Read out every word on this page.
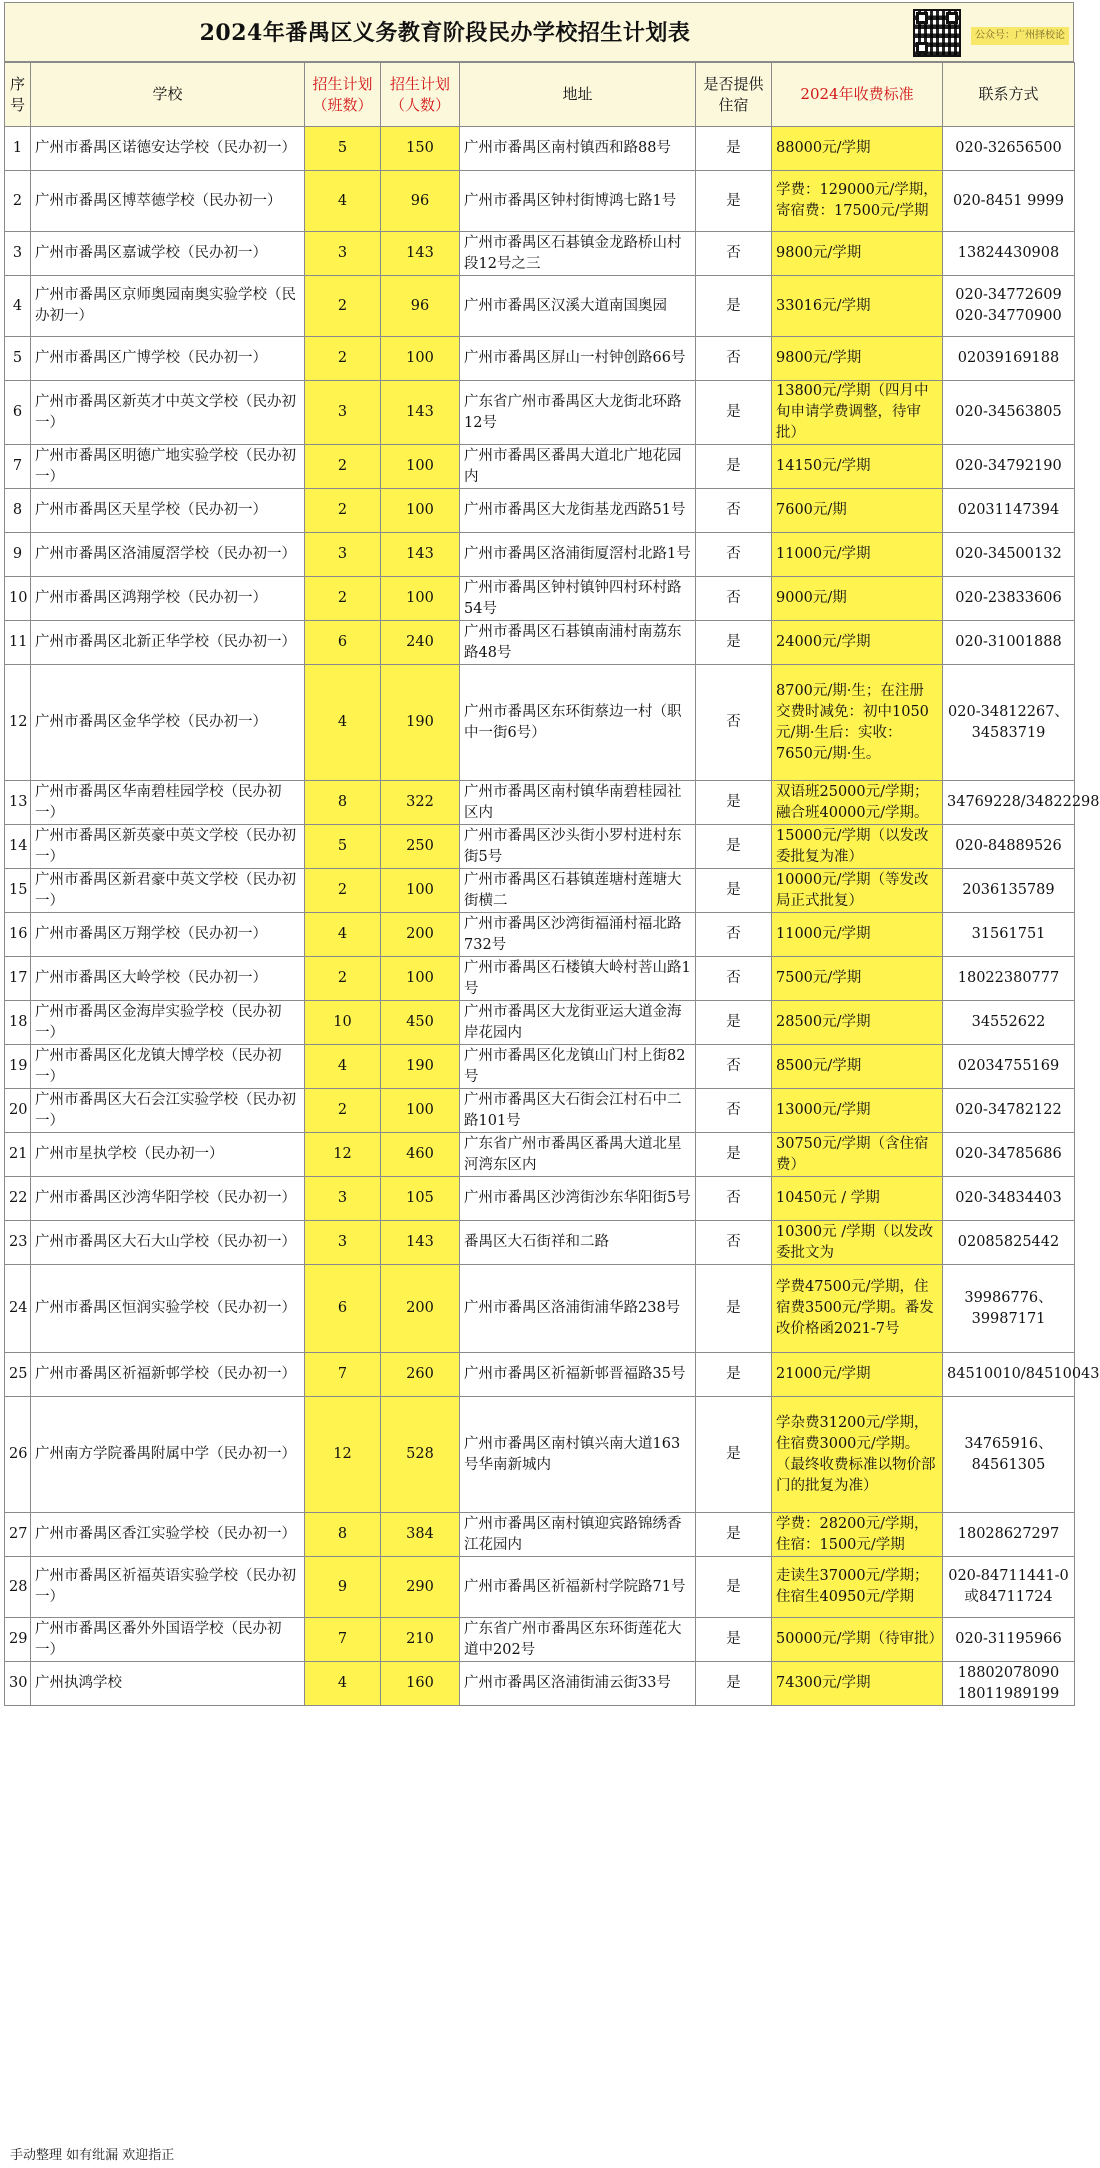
2024年番禺区义务教育阶段民办学校招生计划表	公众号：广州择校论
序号	学校	招生计划（班数）	招生计划（人数）	地址	是否提供住宿	2024年收费标准	联系方式
1	广州市番禺区诺德安达学校（民办初一）	5	150	广州市番禺区南村镇西和路88号	是	88000元/学期	020-32656500
2	广州市番禺区博萃德学校（民办初一）	4	96	广州市番禺区钟村街博鸿七路1号	是	学费：129000元/学期，寄宿费：17500元/学期	020-8451 9999
3	广州市番禺区嘉诚学校（民办初一）	3	143	广州市番禺区石碁镇金龙路桥山村段12号之三	否	9800元/学期	13824430908
4	广州市番禺区京师奥园南奥实验学校（民办初一）	2	96	广州市番禺区汉溪大道南国奥园	是	33016元/学期	020-34772609 020-34770900
5	广州市番禺区广博学校（民办初一）	2	100	广州市番禺区屏山一村钟创路66号	否	9800元/学期	02039169188
6	广州市番禺区新英才中英文学校（民办初一）	3	143	广东省广州市番禺区大龙街北环路12号	是	13800元/学期（四月中旬申请学费调整，待审批）	020-34563805
7	广州市番禺区明德广地实验学校（民办初一）	2	100	广州市番禺区番禺大道北广地花园内	是	14150元/学期	020-34792190
8	广州市番禺区天星学校（民办初一）	2	100	广州市番禺区大龙街基龙西路51号	否	7600元/期	02031147394
9	广州市番禺区洛浦厦滘学校（民办初一）	3	143	广州市番禺区洛浦街厦滘村北路1号	否	11000元/学期	020-34500132
10	广州市番禺区鸿翔学校（民办初一）	2	100	广州市番禺区钟村镇钟四村环村路54号	否	9000元/期	020-23833606
11	广州市番禺区北新正华学校（民办初一）	6	240	广州市番禺区石碁镇南浦村南荔东路48号	是	24000元/学期	020-31001888
12	广州市番禺区金华学校（民办初一）	4	190	广州市番禺区东环街蔡边一村（职中一街6号）	否	8700元/期·生；在注册交费时减免：初中1050元/期·生后：实收：7650元/期·生。	020-34812267、34583719
13	广州市番禺区华南碧桂园学校（民办初一）	8	322	广州市番禺区南村镇华南碧桂园社区内	是	双语班25000元/学期；融合班40000元/学期。	34769228/34822298
14	广州市番禺区新英豪中英文学校（民办初一）	5	250	广州市番禺区沙头街小罗村进村东街5号	是	15000元/学期（以发改委批复为准）	020-84889526
15	广州市番禺区新君豪中英文学校（民办初一）	2	100	广州市番禺区石碁镇莲塘村莲塘大街横二	是	10000元/学期（等发改局正式批复）	2036135789
16	广州市番禺区万翔学校（民办初一）	4	200	广州市番禺区沙湾街福涌村福北路732号	否	11000元/学期	31561751
17	广州市番禺区大岭学校（民办初一）	2	100	广州市番禺区石楼镇大岭村菩山路1号	否	7500元/学期	18022380777
18	广州市番禺区金海岸实验学校（民办初一）	10	450	广州市番禺区大龙街亚运大道金海岸花园内	是	28500元/学期	34552622
19	广州市番禺区化龙镇大博学校（民办初一）	4	190	广州市番禺区化龙镇山门村上街82号	否	8500元/学期	02034755169
20	广州市番禺区大石会江实验学校（民办初一）	2	100	广州市番禺区大石街会江村石中二路101号	否	13000元/学期	020-34782122
21	广州市星执学校（民办初一）	12	460	广东省广州市番禺区番禺大道北星河湾东区内	是	30750元/学期（含住宿费）	020-34785686
22	广州市番禺区沙湾华阳学校（民办初一）	3	105	广州市番禺区沙湾街沙东华阳街5号	否	10450元 / 学期	020-34834403
23	广州市番禺区大石大山学校（民办初一）	3	143	番禺区大石街祥和二路	否	10300元 /学期（以发改委批文为	02085825442
24	广州市番禺区恒润实验学校（民办初一）	6	200	广州市番禺区洛浦街浦华路238号	是	学费47500元/学期，住宿费3500元/学期。番发改价格函2021-7号	39986776、39987171
25	广州市番禺区祈福新邨学校（民办初一）	7	260	广州市番禺区祈福新邨晋福路35号	是	21000元/学期	84510010/84510043
26	广州南方学院番禺附属中学（民办初一）	12	528	广州市番禺区南村镇兴南大道163号华南新城内	是	学杂费31200元/学期，住宿费3000元/学期。（最终收费标准以物价部门的批复为准）	34765916、84561305
27	广州市番禺区香江实验学校（民办初一）	8	384	广州市番禺区南村镇迎宾路锦绣香江花园内	是	学费：28200元/学期，住宿：1500元/学期	18028627297
28	广州市番禺区祈福英语实验学校（民办初一）	9	290	广州市番禺区祈福新村学院路71号	是	走读生37000元/学期；住宿生40950元/学期	020-84711441-0或84711724
29	广州市番禺区番外外国语学校（民办初一）	7	210	广东省广州市番禺区东环街莲花大道中202号	是	50000元/学期（待审批）	020-31195966
30	广州执鸿学校	4	160	广州市番禺区洛浦街浦云街33号	是	74300元/学期	18802078090 18011989199
手动整理 如有纰漏 欢迎指正
